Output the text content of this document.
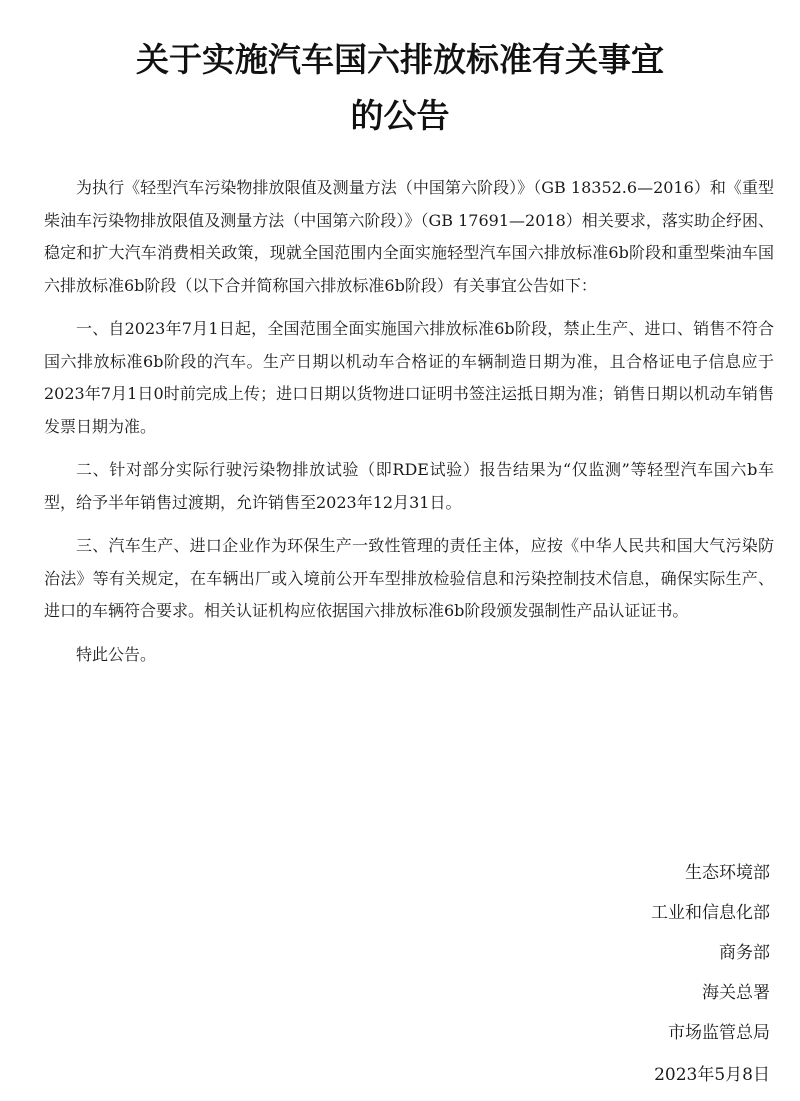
关于实施汽车国六排放标准有关事宜
的公告

为执行《轻型汽车污染物排放限值及测量方法（中国第六阶段）》（GB 18352.6—2016）和《重型柴油车污染物排放限值及测量方法（中国第六阶段）》（GB 17691—2018）相关要求，落实助企纾困、稳定和扩大汽车消费相关政策，现就全国范围内全面实施轻型汽车国六排放标准6b阶段和重型柴油车国六排放标准6b阶段（以下合并简称国六排放标准6b阶段）有关事宜公告如下：

一、自2023年7月1日起，全国范围全面实施国六排放标准6b阶段，禁止生产、进口、销售不符合国六排放标准6b阶段的汽车。生产日期以机动车合格证的车辆制造日期为准，且合格证电子信息应于2023年7月1日0时前完成上传；进口日期以货物进口证明书签注运抵日期为准；销售日期以机动车销售发票日期为准。

二、针对部分实际行驶污染物排放试验（即RDE试验）报告结果为“仅监测”等轻型汽车国六b车型，给予半年销售过渡期，允许销售至2023年12月31日。

三、汽车生产、进口企业作为环保生产一致性管理的责任主体，应按《中华人民共和国大气污染防治法》等有关规定，在车辆出厂或入境前公开车型排放检验信息和污染控制技术信息，确保实际生产、进口的车辆符合要求。相关认证机构应依据国六排放标准6b阶段颁发强制性产品认证证书。

特此公告。

生态环境部
工业和信息化部
商务部
海关总署
市场监管总局
2023年5月8日
